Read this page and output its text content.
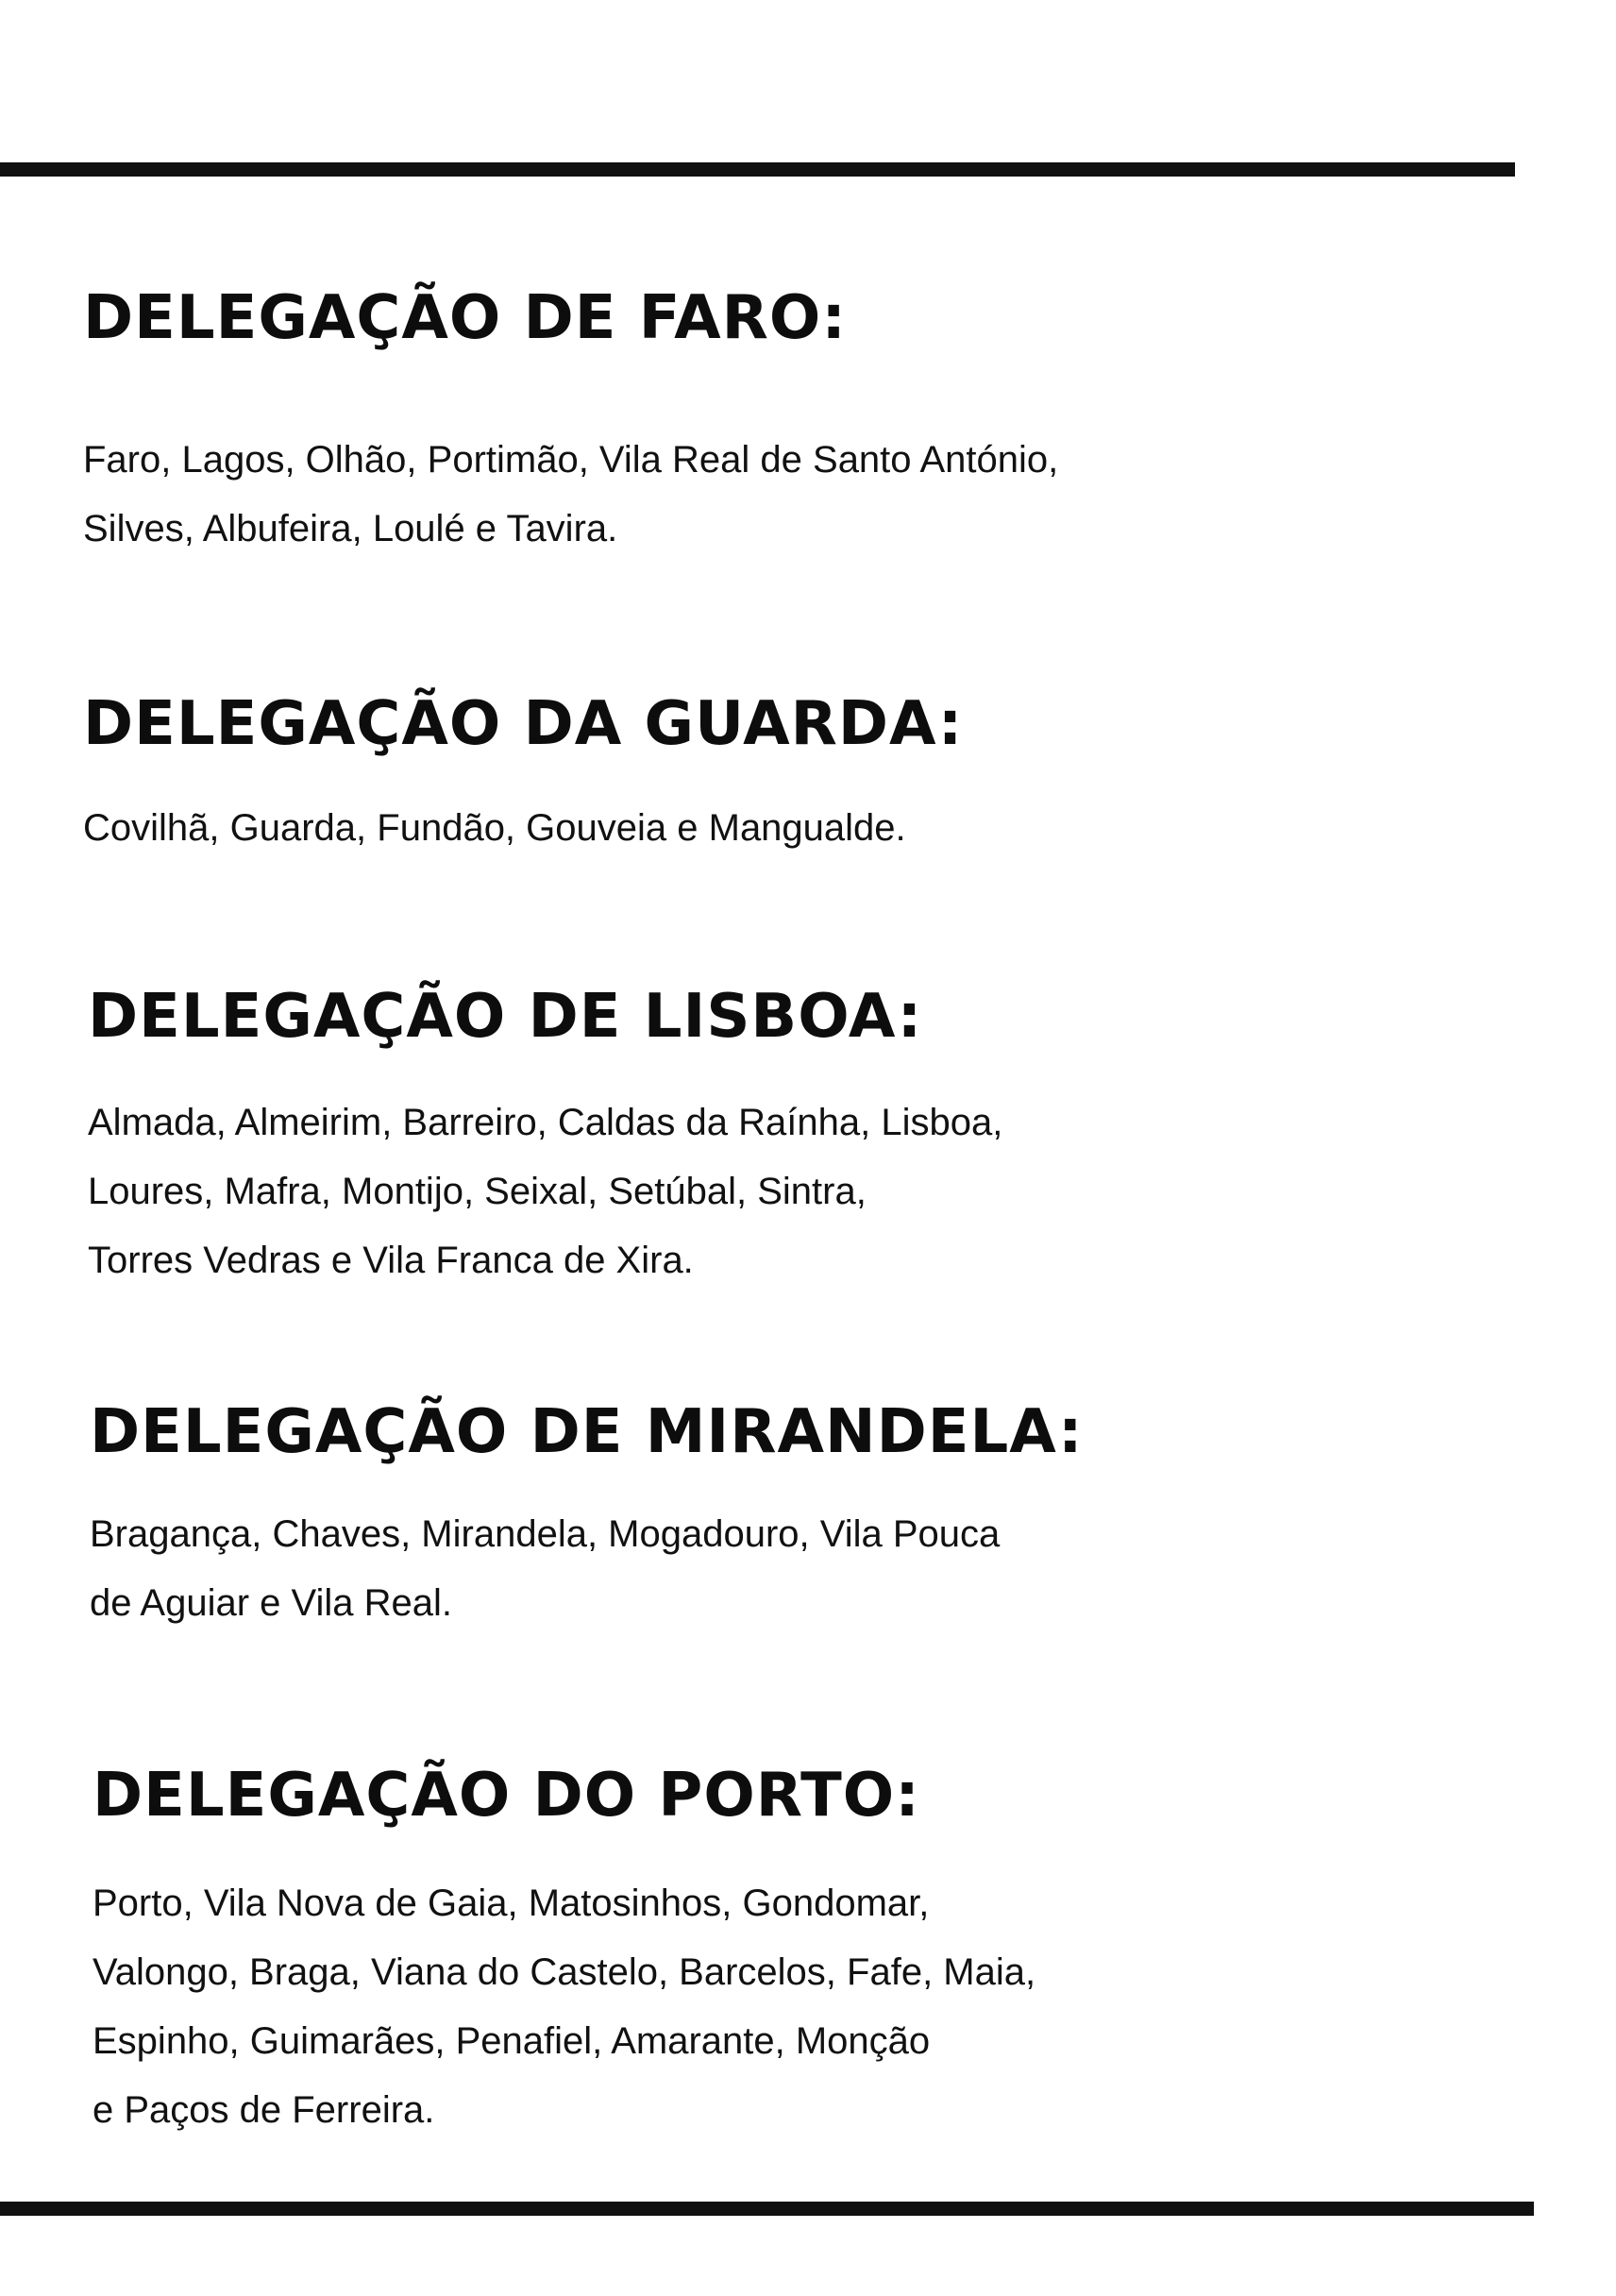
DELEGAÇÃO DE FARO:

Faro, Lagos, Olhão, Portimão, Vila Real de Santo António,
Silves, Albufeira, Loulé e Tavira.

DELEGAÇÃO DA GUARDA:

Covilhã, Guarda, Fundão, Gouveia e Mangualde.

DELEGAÇÃO DE LISBOA:

Almada, Almeirim, Barreiro, Caldas da Raínha, Lisboa,
Loures, Mafra, Montijo, Seixal, Setúbal, Sintra,
Torres Vedras e Vila Franca de Xira.

DELEGAÇÃO DE MIRANDELA:

Bragança, Chaves, Mirandela, Mogadouro, Vila Pouca
de Aguiar e Vila Real.

DELEGAÇÃO DO PORTO:

Porto, Vila Nova de Gaia, Matosinhos, Gondomar,
Valongo, Braga, Viana do Castelo, Barcelos, Fafe, Maia,
Espinho, Guimarães, Penafiel, Amarante, Monção
e Paços de Ferreira.
